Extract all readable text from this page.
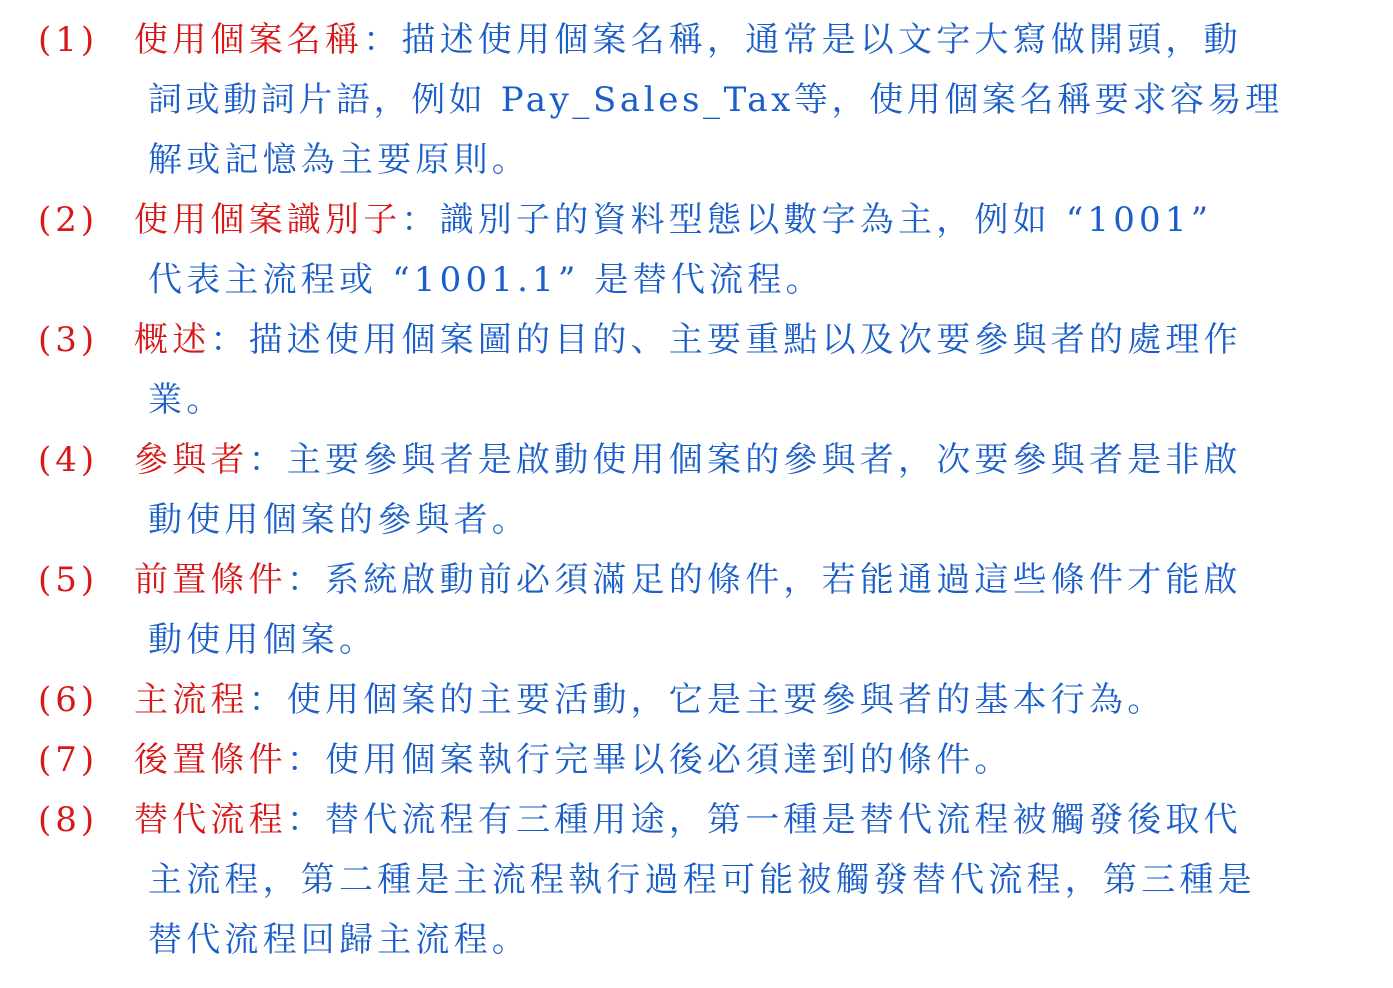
(1) 使用個案名稱：描述使用個案名稱，通常是以文字大寫做開頭，動
詞或動詞片語，例如 Pay_Sales_Tax等，使用個案名稱要求容易理
解或記憶為主要原則。
(2) 使用個案識別子：識別子的資料型態以數字為主，例如 “1001”
代表主流程或 “1001.1” 是替代流程。
(3) 概述：描述使用個案圖的目的、主要重點以及次要參與者的處理作
業。
(4) 參與者：主要參與者是啟動使用個案的參與者，次要參與者是非啟
動使用個案的參與者。
(5) 前置條件：系統啟動前必須滿足的條件，若能通過這些條件才能啟
動使用個案。
(6) 主流程：使用個案的主要活動，它是主要參與者的基本行為。
(7) 後置條件：使用個案執行完畢以後必須達到的條件。
(8) 替代流程：替代流程有三種用途，第一種是替代流程被觸發後取代
主流程，第二種是主流程執行過程可能被觸發替代流程，第三種是
替代流程回歸主流程。
